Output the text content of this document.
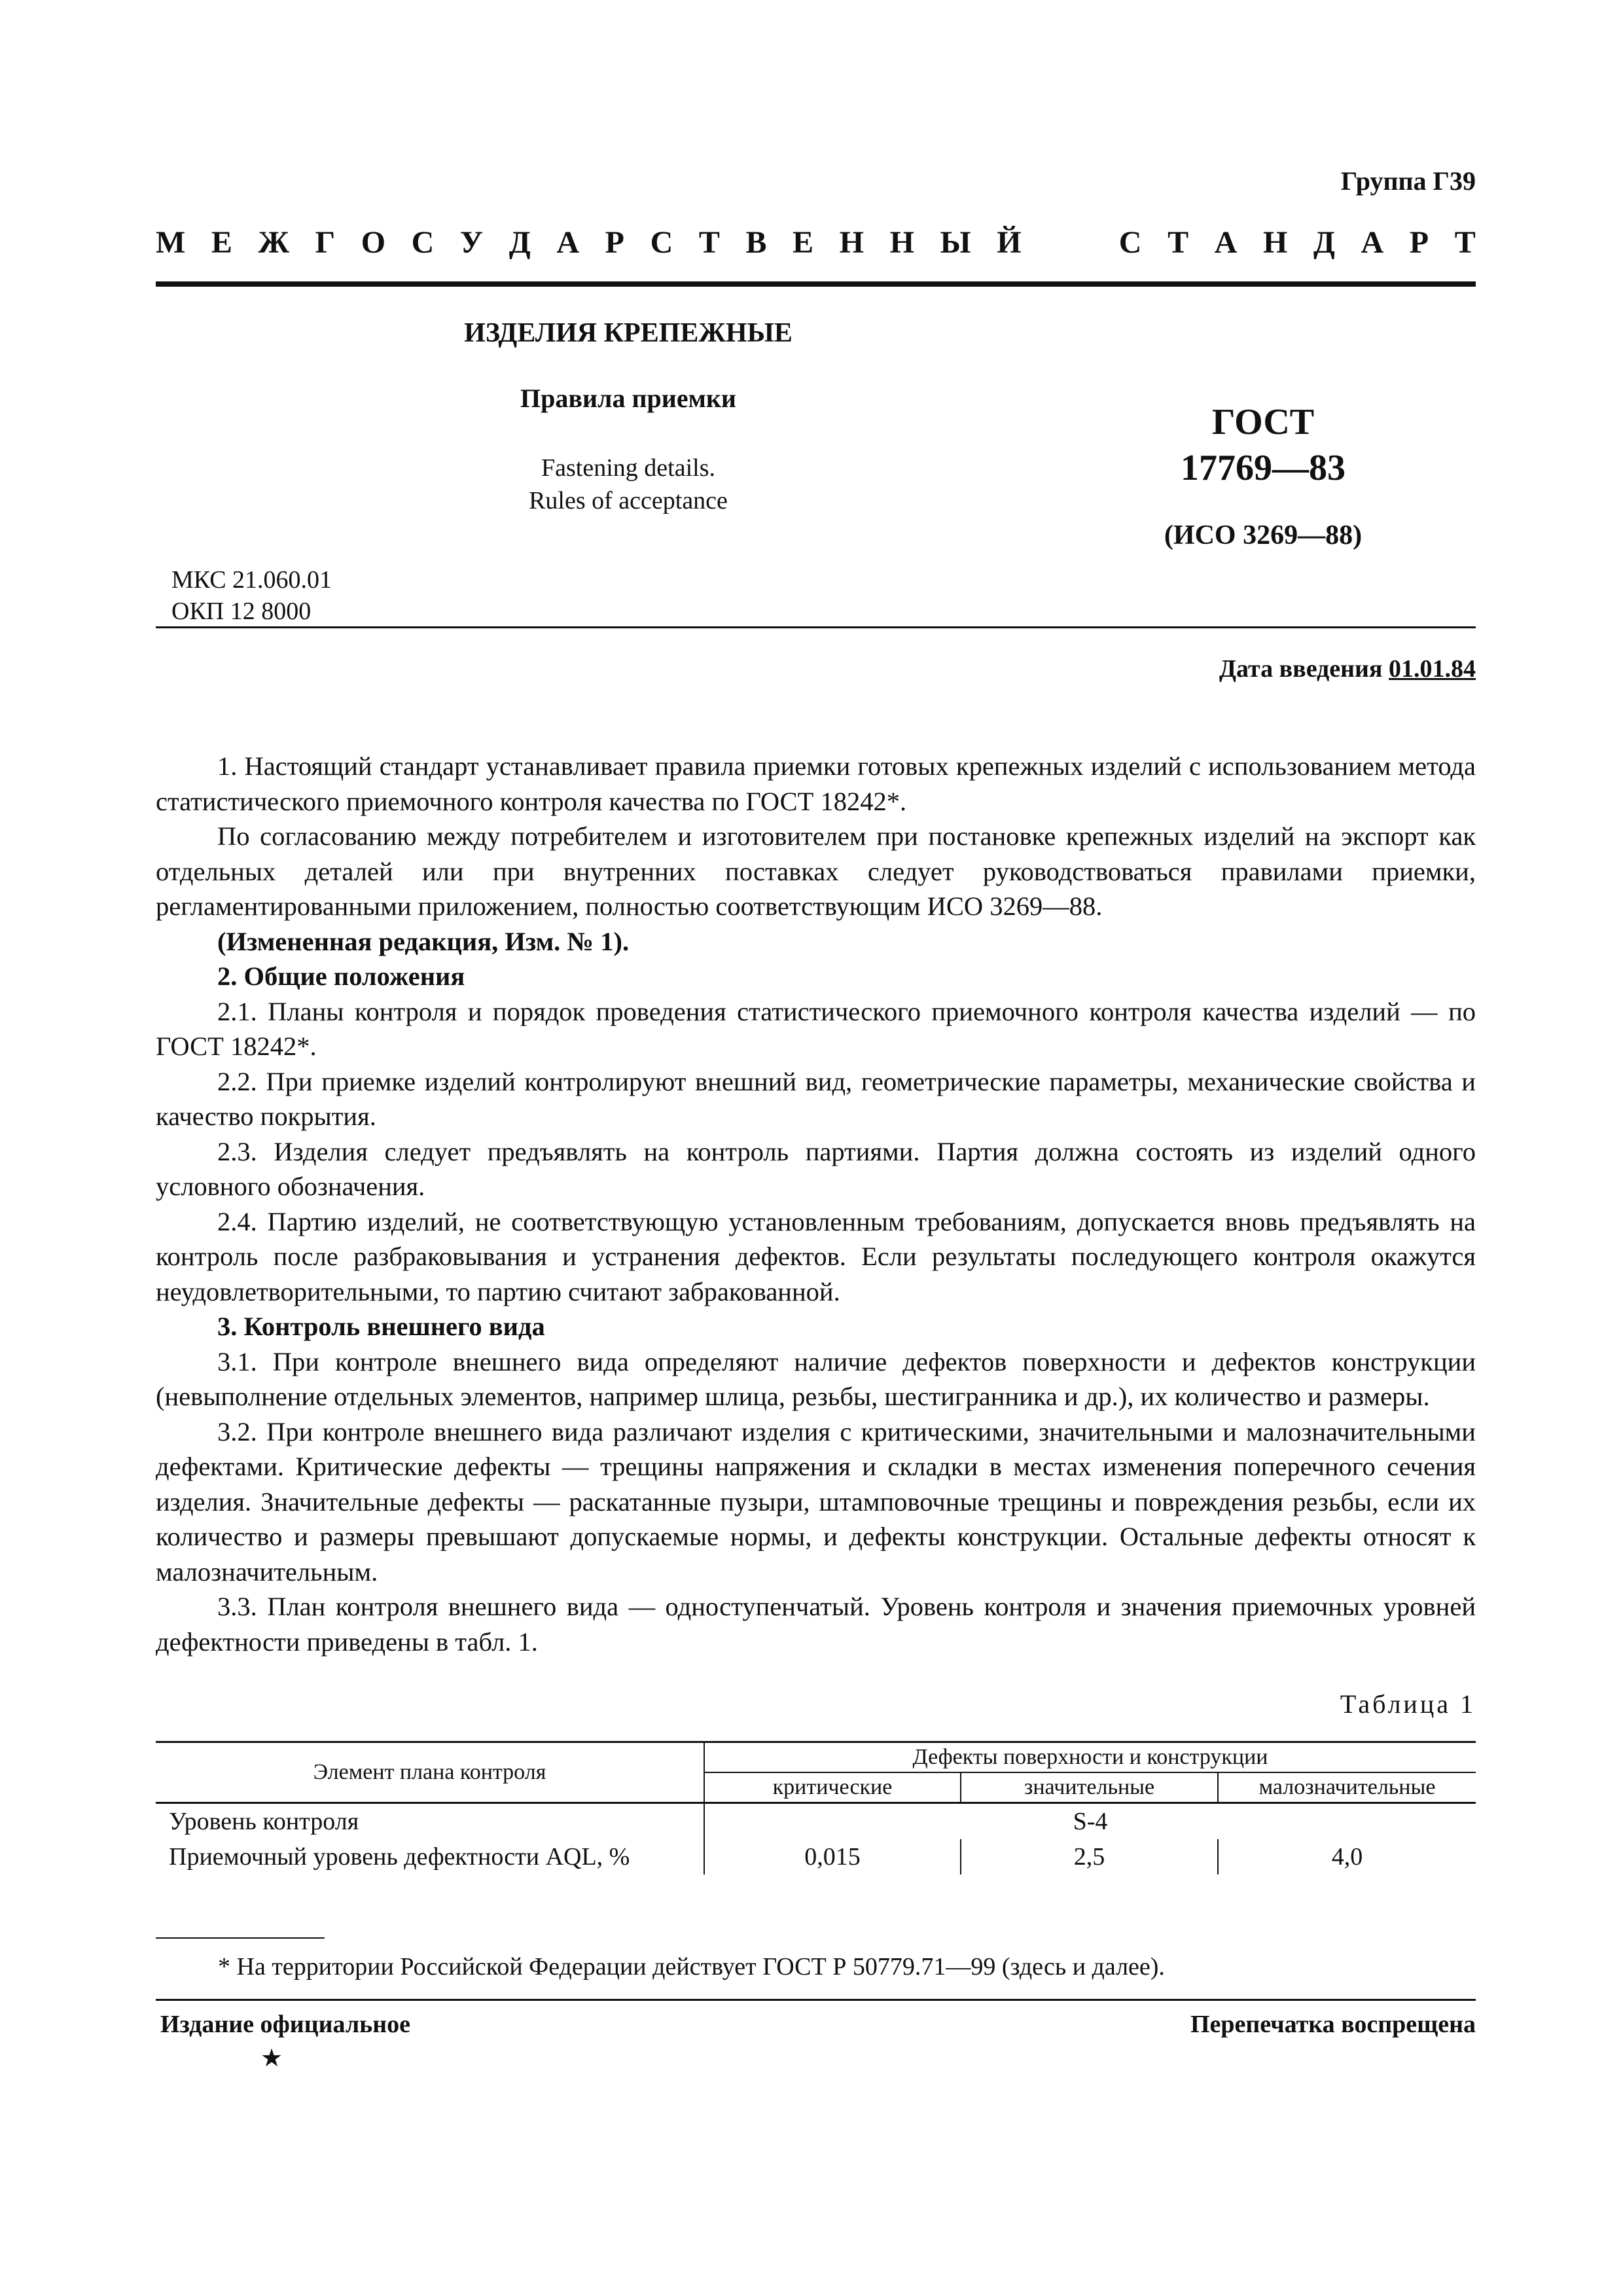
Группа Г39
М Е Ж Г О С У Д А Р С Т В Е Н Н Ы Й	С Т А Н Д А Р Т
ИЗДЕЛИЯ КРЕПЕЖНЫЕ
Правила приемки
Fastening details.
Rules of acceptance
ГОСТ
17769—83
(ИСО 3269—88)
МКС 21.060.01
ОКП 12 8000
Дата введения 01.01.84

1. Настоящий стандарт устанавливает правила приемки готовых крепежных изделий с использованием метода статистического приемочного контроля качества по ГОСТ 18242*.

По согласованию между потребителем и изготовителем при постановке крепежных изделий на экспорт как отдельных деталей или при внутренних поставках следует руководствоваться правилами приемки, регламентированными приложением, полностью соответствующим ИСО 3269—88.

(Измененная редакция, Изм. № 1).

2. Общие положения

2.1. Планы контроля и порядок проведения статистического приемочного контроля качества изделий — по ГОСТ 18242*.

2.2. При приемке изделий контролируют внешний вид, геометрические параметры, механические свойства и качество покрытия.

2.3. Изделия следует предъявлять на контроль партиями. Партия должна состоять из изделий одного условного обозначения.

2.4. Партию изделий, не соответствующую установленным требованиям, допускается вновь предъявлять на контроль после разбраковывания и устранения дефектов. Если результаты последующего контроля окажутся неудовлетворительными, то партию считают забракованной.

3. Контроль внешнего вида

3.1. При контроле внешнего вида определяют наличие дефектов поверхности и дефектов конструкции (невыполнение отдельных элементов, например шлица, резьбы, шестигранника и др.), их количество и размеры.

3.2. При контроле внешнего вида различают изделия с критическими, значительными и малозначительными дефектами. Критические дефекты — трещины напряжения и складки в местах изменения поперечного сечения изделия. Значительные дефекты — раскатанные пузыри, штамповочные трещины и повреждения резьбы, если их количество и размеры превышают допускаемые нормы, и дефекты конструкции. Остальные дефекты относят к малозначительным.

3.3. План контроля внешнего вида — одноступенчатый. Уровень контроля и значения приемочных уровней дефектности приведены в табл. 1.

Таблица 1
Элемент плана контроля	Дефекты поверхности и конструкции		
	критические	значительные	малозначительные
Уровень контроля	S-4		
Приемочный уровень дефектности AQL, %	0,015	2,5	4,0
* На территории Российской Федерации действует ГОСТ Р 50779.71—99 (здесь и далее).
Издание официальное	Перепечатка воспрещена
★
